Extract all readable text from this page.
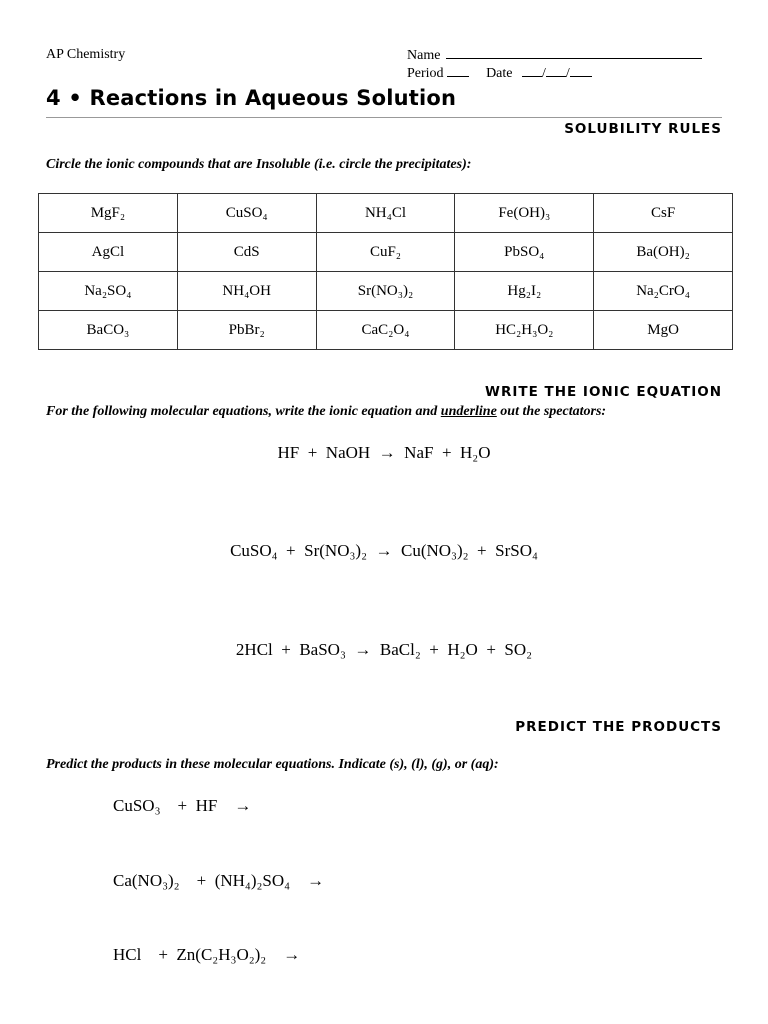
AP Chemistry	Name
Period	Date / /
4 • Reactions in Aqueous Solution
SOLUBILITY RULES
Circle the ionic compounds that are Insoluble (i.e. circle the precipitates):
MgF₂	CuSO₄	NH₄Cl	Fe(OH)₃	CsF
AgCl	CdS	CuF₂	PbSO₄	Ba(OH)₂
Na₂SO₄	NH₄OH	Sr(NO₃)₂	Hg₂I₂	Na₂CrO₄
BaCO₃	PbBr₂	CaC₂O₄	HC₂H₃O₂	MgO
WRITE THE IONIC EQUATION
For the following molecular equations, write the ionic equation and underline out the spectators:
HF  +  NaOH  →  NaF  +  H₂O
CuSO₄  +  Sr(NO₃)₂  →  Cu(NO₃)₂  +  SrSO₄
2HCl  +  BaSO₃  →  BaCl₂  +  H₂O  +  SO₂
PREDICT THE PRODUCTS
Predict the products in these molecular equations. Indicate (s), (l), (g), or (aq):
CuSO₃    +  HF    →
Ca(NO₃)₂    +  (NH₄)₂SO₄    →
HCl    +  Zn(C₂H₃O₂)₂    →
